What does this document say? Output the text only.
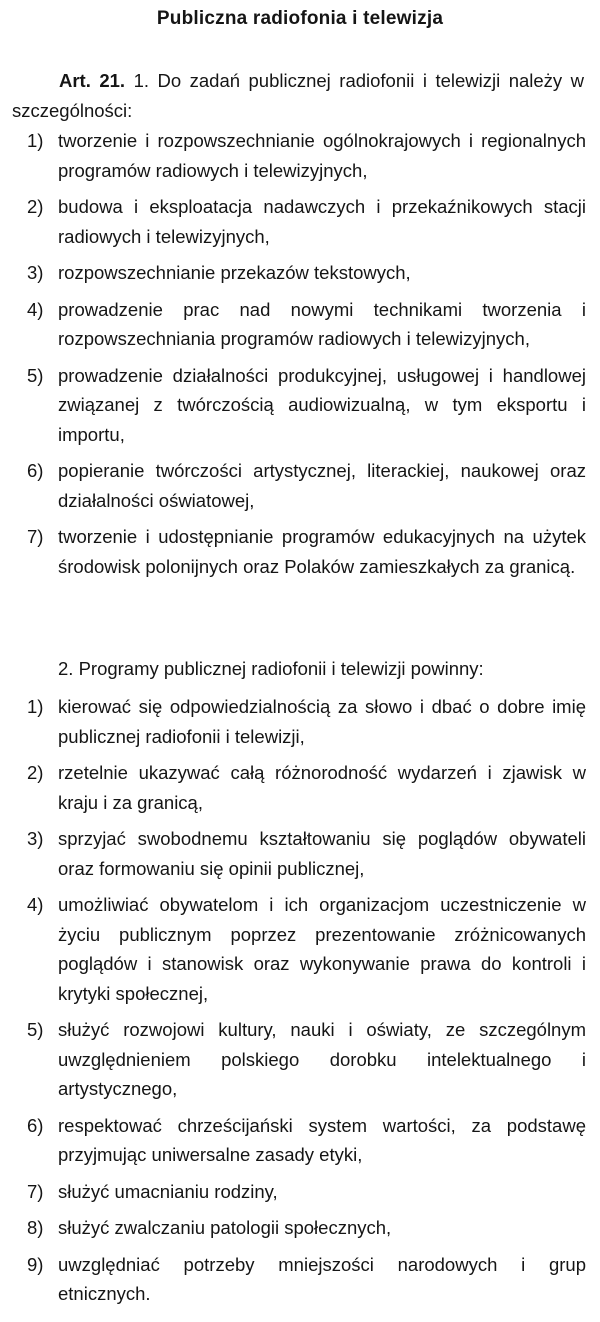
Publiczna radiofonia i telewizja
Art. 21. 1. Do zadań publicznej radiofonii i telewizji należy w szczególności:
1) tworzenie i rozpowszechnianie ogólnokrajowych i regionalnych programów radiowych i telewizyjnych,
2) budowa i eksploatacja nadawczych i przekaźnikowych stacji radiowych i telewizyjnych,
3) rozpowszechnianie przekazów tekstowych,
4) prowadzenie prac nad nowymi technikami tworzenia i rozpowszechniania programów radiowych i telewizyjnych,
5) prowadzenie działalności produkcyjnej, usługowej i handlowej związanej z twórczością audiowizualną, w tym eksportu i importu,
6) popieranie twórczości artystycznej, literackiej, naukowej oraz działalności oświatowej,
7) tworzenie i udostępnianie programów edukacyjnych na użytek środowisk polonijnych oraz Polaków zamieszkałych za granicą.
2. Programy publicznej radiofonii i telewizji powinny:
1) kierować się odpowiedzialnością za słowo i dbać o dobre imię publicznej radiofonii i telewizji,
2) rzetelnie ukazywać całą różnorodność wydarzeń i zjawisk w kraju i za granicą,
3) sprzyjać swobodnemu kształtowaniu się poglądów obywateli oraz formowaniu się opinii publicznej,
4) umożliwiać obywatelom i ich organizacjom uczestniczenie w życiu publicznym poprzez prezentowanie zróżnicowanych poglądów i stanowisk oraz wykonywanie prawa do kontroli i krytyki społecznej,
5) służyć rozwojowi kultury, nauki i oświaty, ze szczególnym uwzględnieniem polskiego dorobku intelektualnego i artystycznego,
6) respektować chrześcijański system wartości, za podstawę przyjmując uniwersalne zasady etyki,
7) służyć umacnianiu rodziny,
8) służyć zwalczaniu patologii społecznych,
9) uwzględniać potrzeby mniejszości narodowych i grup etnicznych.
